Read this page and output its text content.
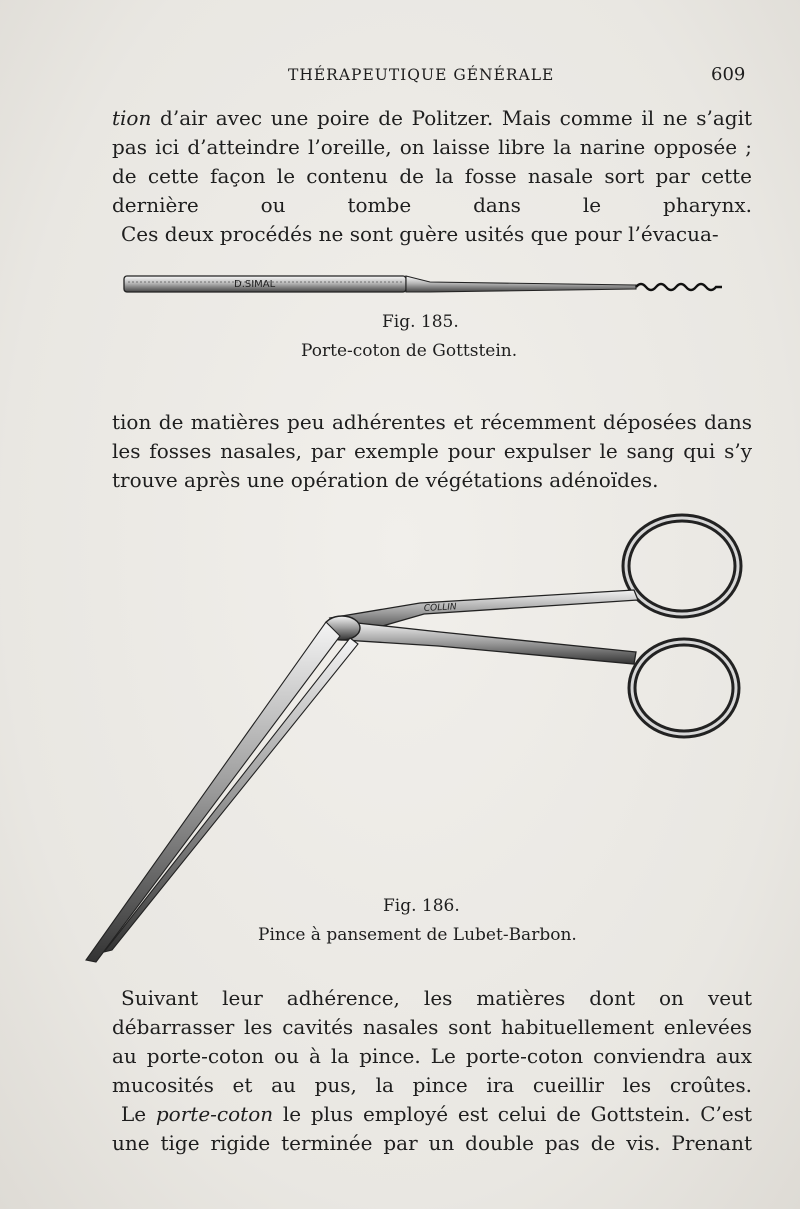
THÉRAPEUTIQUE GÉNÉRALE	609
tion d’air avec une poire de Politzer. Mais comme il ne s’agit pas ici d’atteindre l’oreille, on laisse libre la narine opposée ; de cette façon le contenu de la fosse nasale sort par cette dernière ou tombe dans le pharynx.
Ces deux procédés ne sont guère usités que pour l’évacua-
D.SIMAL
Fig. 185.
Porte-coton de Gottstein.
tion de matières peu adhérentes et récemment déposées dans les fosses nasales, par exemple pour expulser le sang qui s’y trouve après une opération de végétations adénoïdes.
COLLIN
Fig. 186.
Pince à pansement de Lubet-Barbon.
Suivant leur adhérence, les matières dont on veut débarrasser les cavités nasales sont habituellement enlevées au porte-coton ou à la pince. Le porte-coton conviendra aux mucosités et au pus, la pince ira cueillir les croûtes.
Le porte-coton le plus employé est celui de Gottstein. C’est une tige rigide terminée par un double pas de vis. Prenant
